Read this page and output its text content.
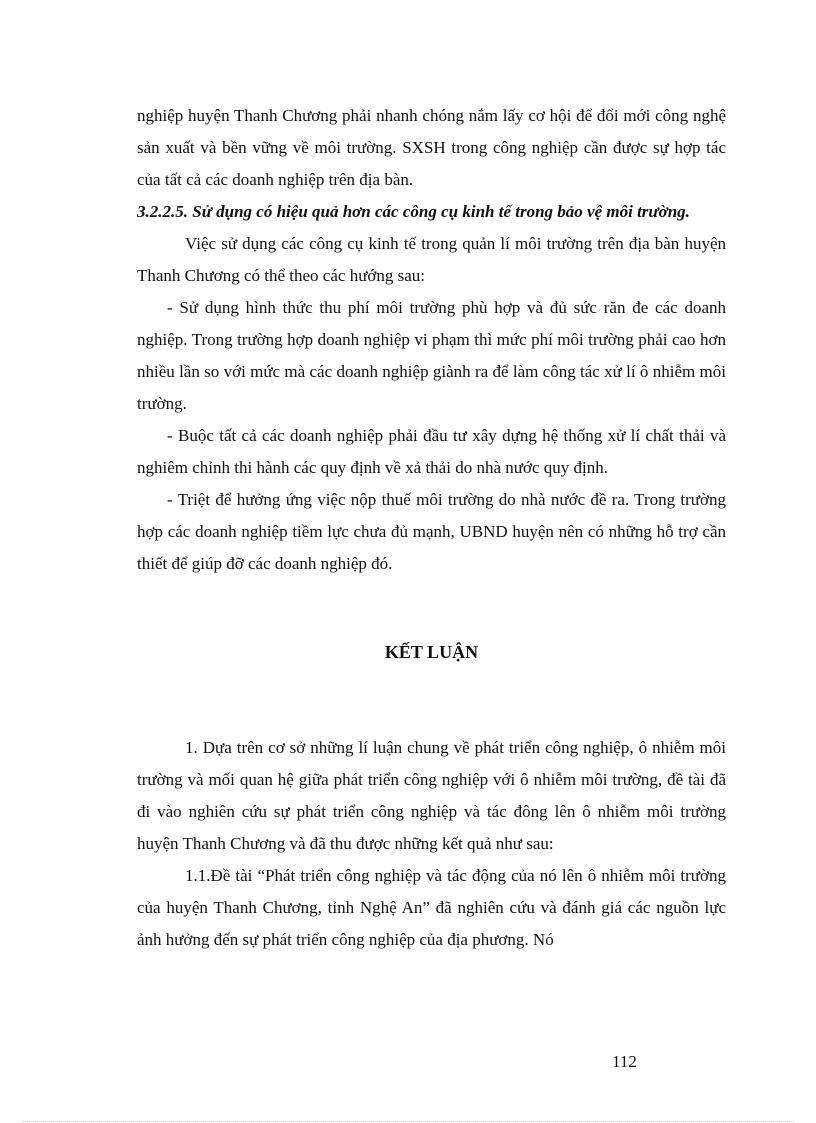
nghiệp huyện Thanh Chương phải nhanh chóng nắm lấy cơ hội để đổi mới công nghệ sản xuất và bền vững về môi trường. SXSH trong công nghiệp cần được sự hợp tác của tất cả các doanh nghiệp trên địa bàn.

3.2.2.5. Sử dụng có hiệu quả hơn các công cụ kinh tế trong bảo vệ môi trường.

Việc sử dụng các công cụ kinh tế trong quản lí môi trường trên địa bàn huyện Thanh Chương có thể theo các hướng sau:

- Sử dụng hình thức thu phí môi trường phù hợp và đủ sức răn đe các doanh nghiệp. Trong trường hợp doanh nghiệp vi phạm thì mức phí môi trường phải cao hơn nhiều lần so với mức mà các doanh nghiệp giành ra để làm công tác xử lí ô nhiễm môi trường.

- Buộc tất cả các doanh nghiệp phải đầu tư xây dựng hệ thống xử lí chất thải và nghiêm chỉnh thi hành các quy định về xả thải do nhà nước quy định.

- Triệt để hưởng ứng việc nộp thuế môi trường do nhà nước đề ra. Trong trường hợp các doanh nghiệp tiềm lực chưa đủ mạnh, UBND huyện nên có những hỗ trợ cần thiết để giúp đỡ các doanh nghiệp đó.

KẾT LUẬN

1. Dựa trên cơ sở những lí luận chung về phát triển công nghiệp, ô nhiễm môi trường và mối quan hệ giữa phát triển công nghiệp với ô nhiễm môi trường, đề tài đã đi vào nghiên cứu sự phát triển công nghiệp và tác đông lên ô nhiễm môi trường huyện Thanh Chương và đã thu được những kết quả như sau:

1.1.Đề tài “Phát triển công nghiệp và tác động của nó lên ô nhiễm môi trường của huyện Thanh Chương, tỉnh Nghệ An” đã nghiên cứu và đánh giá các nguồn lực ảnh hưởng đến sự phát triển công nghiệp của địa phương. Nó

112
